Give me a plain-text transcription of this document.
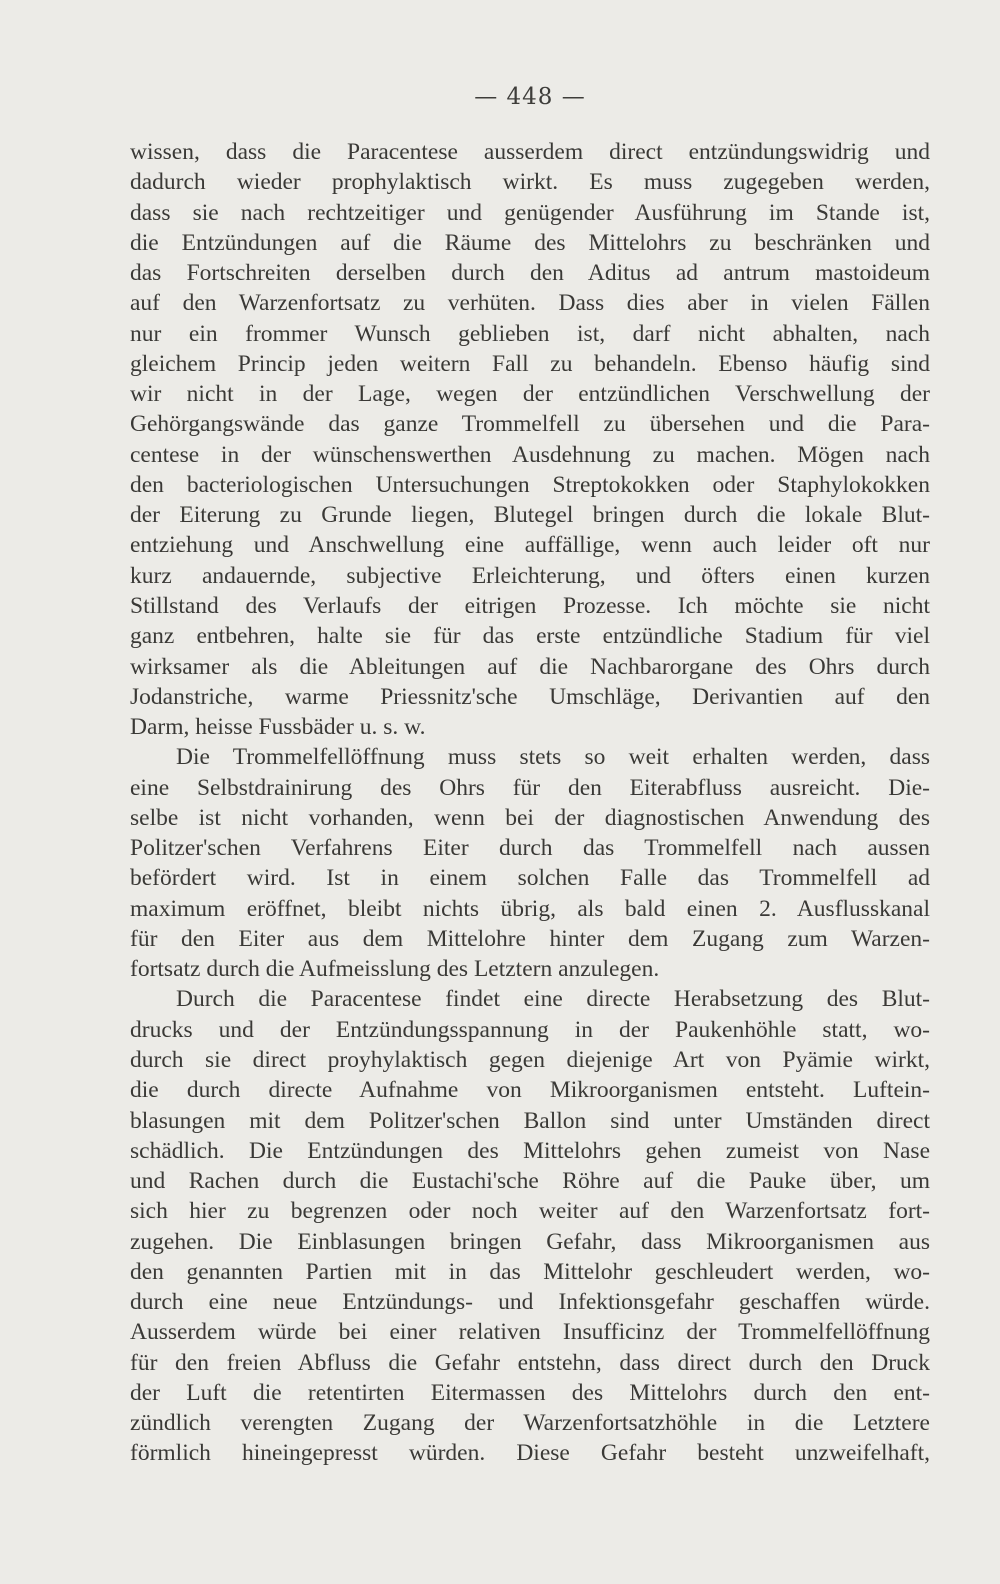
— 448 —
wissen, dass die Paracentese ausserdem direct entzündungswidrig und
dadurch wieder prophylaktisch wirkt. Es muss zugegeben werden,
dass sie nach rechtzeitiger und genügender Ausführung im Stande ist,
die Entzündungen auf die Räume des Mittelohrs zu beschränken und
das Fortschreiten derselben durch den Aditus ad antrum mastoideum
auf den Warzenfortsatz zu verhüten. Dass dies aber in vielen Fällen
nur ein frommer Wunsch geblieben ist, darf nicht abhalten, nach
gleichem Princip jeden weitern Fall zu behandeln. Ebenso häufig sind
wir nicht in der Lage, wegen der entzündlichen Verschwellung der
Gehörgangswände das ganze Trommelfell zu übersehen und die Para-
centese in der wünschenswerthen Ausdehnung zu machen. Mögen nach
den bacteriologischen Untersuchungen Streptokokken oder Staphylokokken
der Eiterung zu Grunde liegen, Blutegel bringen durch die lokale Blut-
entziehung und Anschwellung eine auffällige, wenn auch leider oft nur
kurz andauernde, subjective Erleichterung, und öfters einen kurzen
Stillstand des Verlaufs der eitrigen Prozesse. Ich möchte sie nicht
ganz entbehren, halte sie für das erste entzündliche Stadium für viel
wirksamer als die Ableitungen auf die Nachbarorgane des Ohrs durch
Jodanstriche, warme Priessnitz'sche Umschläge, Derivantien auf den
Darm, heisse Fussbäder u. s. w.
Die Trommelfellöffnung muss stets so weit erhalten werden, dass
eine Selbstdrainirung des Ohrs für den Eiterabfluss ausreicht. Die-
selbe ist nicht vorhanden, wenn bei der diagnostischen Anwendung des
Politzer'schen Verfahrens Eiter durch das Trommelfell nach aussen
befördert wird. Ist in einem solchen Falle das Trommelfell ad
maximum eröffnet, bleibt nichts übrig, als bald einen 2. Ausflusskanal
für den Eiter aus dem Mittelohre hinter dem Zugang zum Warzen-
fortsatz durch die Aufmeisslung des Letztern anzulegen.
Durch die Paracentese findet eine directe Herabsetzung des Blut-
drucks und der Entzündungsspannung in der Paukenhöhle statt, wo-
durch sie direct proyhylaktisch gegen diejenige Art von Pyämie wirkt,
die durch directe Aufnahme von Mikroorganismen entsteht. Luftein-
blasungen mit dem Politzer'schen Ballon sind unter Umständen direct
schädlich. Die Entzündungen des Mittelohrs gehen zumeist von Nase
und Rachen durch die Eustachi'sche Röhre auf die Pauke über, um
sich hier zu begrenzen oder noch weiter auf den Warzenfortsatz fort-
zugehen. Die Einblasungen bringen Gefahr, dass Mikroorganismen aus
den genannten Partien mit in das Mittelohr geschleudert werden, wo-
durch eine neue Entzündungs- und Infektionsgefahr geschaffen würde.
Ausserdem würde bei einer relativen Insufficinz der Trommelfellöffnung
für den freien Abfluss die Gefahr entstehn, dass direct durch den Druck
der Luft die retentirten Eitermassen des Mittelohrs durch den ent-
zündlich verengten Zugang der Warzenfortsatzhöhle in die Letztere
förmlich hineingepresst würden. Diese Gefahr besteht unzweifelhaft,
